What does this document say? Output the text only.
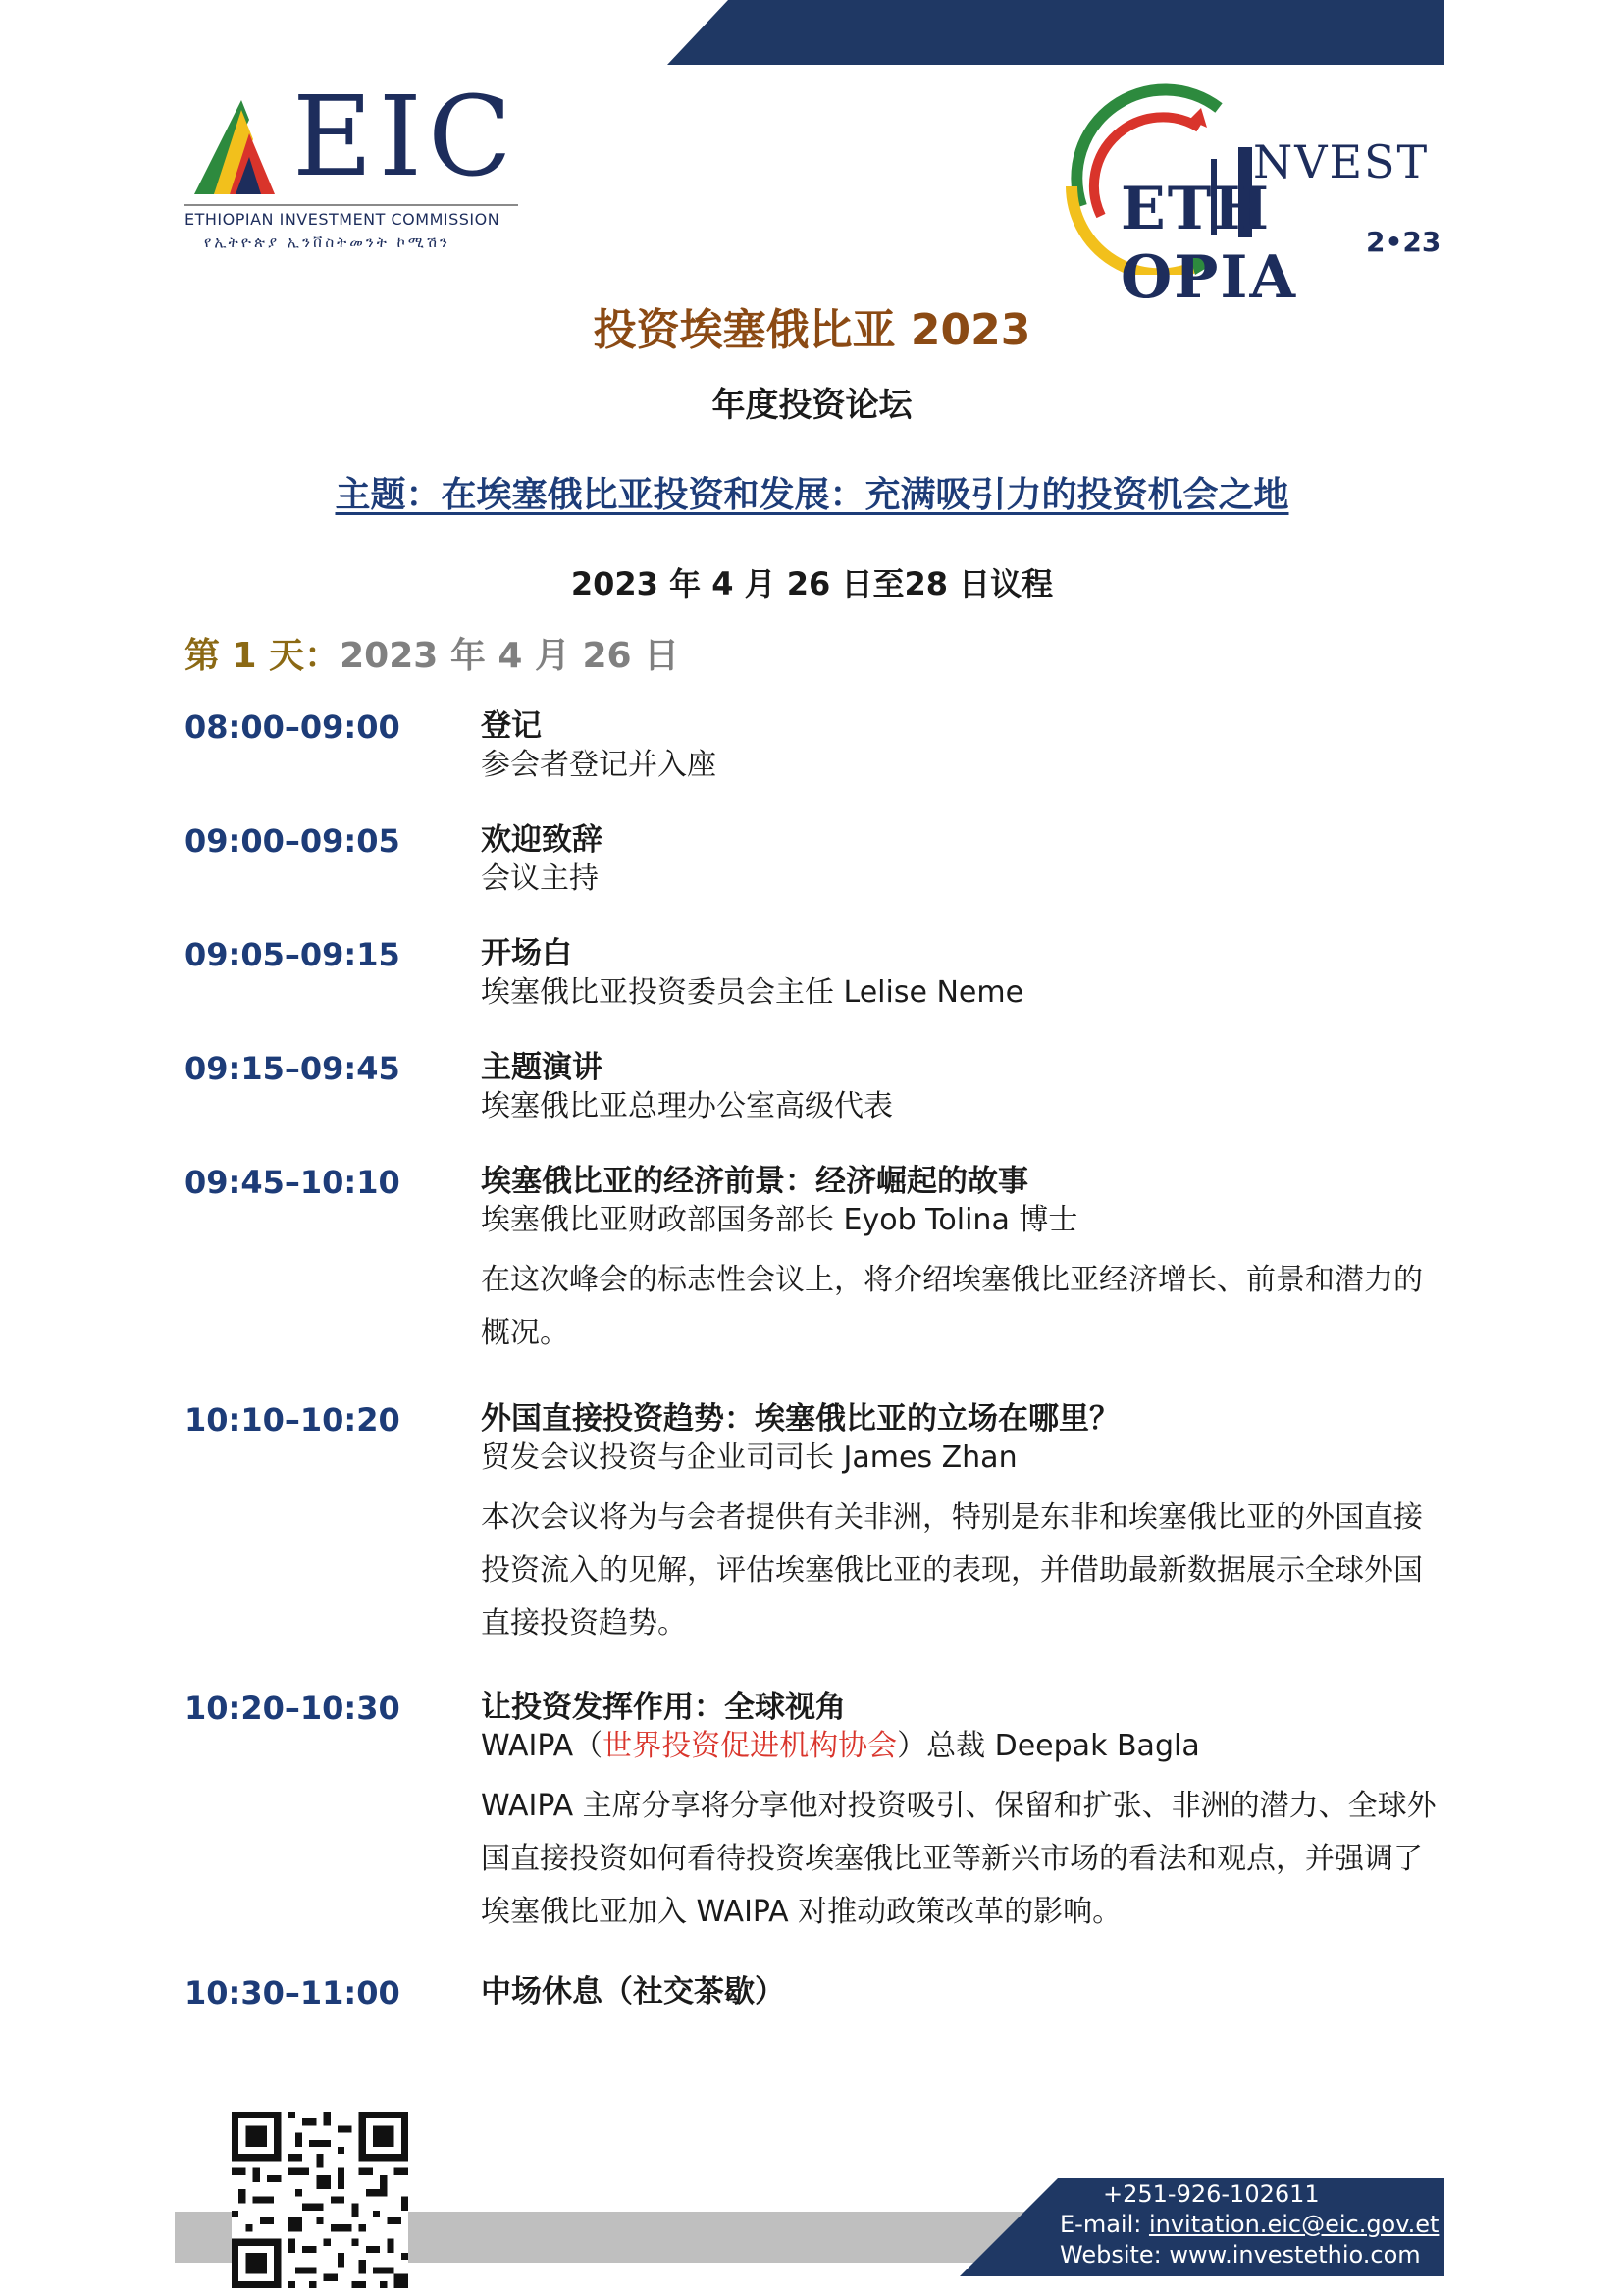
EIC
ETHIOPIAN INVESTMENT COMMISSION
የኢትዮጵያ ኢንቨስትመንት ኮሚሽን
NVEST
ETH OPIA
2•23
投资埃塞俄比亚 2023
年度投资论坛
主题：在埃塞俄比亚投资和发展：充满吸引力的投资机会之地
2023 年 4 月 26 日至28 日议程
第 1 天：2023 年 4 月 26 日
08:00–09:00	登记
参会者登记并入座
09:00–09:05	欢迎致辞
会议主持
09:05–09:15	开场白
埃塞俄比亚投资委员会主任 Lelise Neme
09:15–09:45	主题演讲
埃塞俄比亚总理办公室高级代表
09:45–10:10	埃塞俄比亚的经济前景：经济崛起的故事
埃塞俄比亚财政部国务部长 Eyob Tolina 博士
在这次峰会的标志性会议上，将介绍埃塞俄比亚经济增长、前景和潜力的概况。
10:10–10:20	外国直接投资趋势：埃塞俄比亚的立场在哪里？
贸发会议投资与企业司司长 James Zhan
本次会议将为与会者提供有关非洲，特别是东非和埃塞俄比亚的外国直接投资流入的见解，评估埃塞俄比亚的表现，并借助最新数据展示全球外国直接投资趋势。
10:20–10:30	让投资发挥作用：全球视角
WAIPA（世界投资促进机构协会）总裁 Deepak Bagla
WAIPA 主席分享将分享他对投资吸引、保留和扩张、非洲的潜力、全球外国直接投资如何看待投资埃塞俄比亚等新兴市场的看法和观点，并强调了埃塞俄比亚加入 WAIPA 对推动政策改革的影响。
10:30–11:00	中场休息（社交茶歇）
Tel: +251-911-653554
+251-926-102611
E-mail: invitation.eic@eic.gov.et
Website: www.investethio.com
